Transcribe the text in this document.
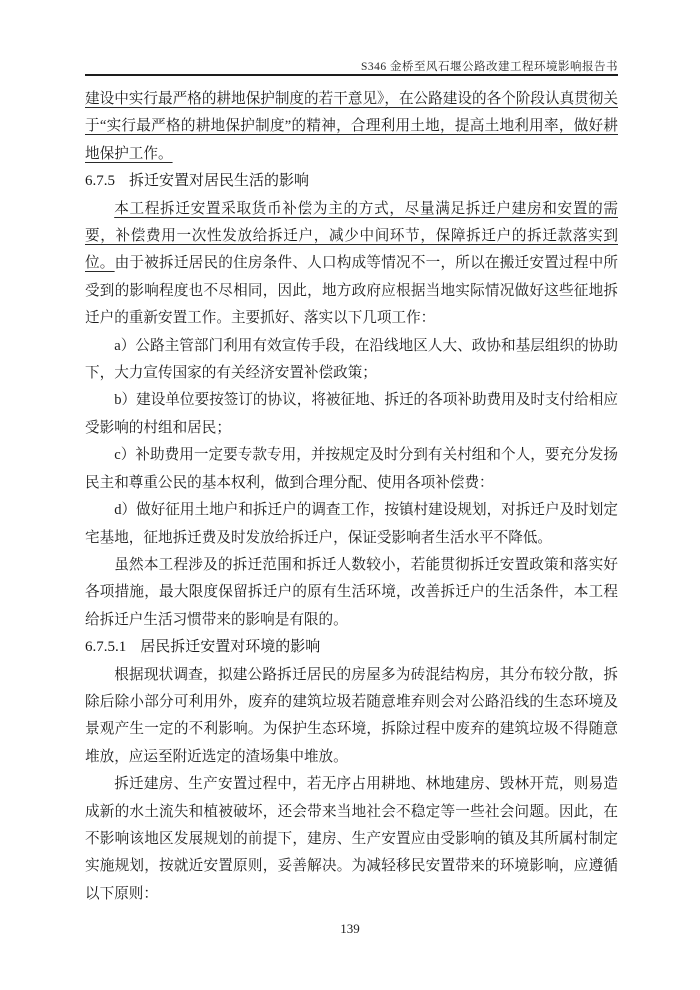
S346 金桥至风石堰公路改建工程环境影响报告书

建设中实行最严格的耕地保护制度的若干意见》，在公路建设的各个阶段认真贯彻关于“实行最严格的耕地保护制度”的精神，合理利用土地，提高土地利用率，做好耕地保护工作。

6.7.5 拆迁安置对居民生活的影响

本工程拆迁安置采取货币补偿为主的方式，尽量满足拆迁户建房和安置的需要，补偿费用一次性发放给拆迁户，减少中间环节，保障拆迁户的拆迁款落实到位。由于被拆迁居民的住房条件、人口构成等情况不一，所以在搬迁安置过程中所受到的影响程度也不尽相同，因此，地方政府应根据当地实际情况做好这些征地拆迁户的重新安置工作。主要抓好、落实以下几项工作：

a）公路主管部门利用有效宣传手段，在沿线地区人大、政协和基层组织的协助下，大力宣传国家的有关经济安置补偿政策；

b）建设单位要按签订的协议，将被征地、拆迁的各项补助费用及时支付给相应受影响的村组和居民；

c）补助费用一定要专款专用，并按规定及时分到有关村组和个人，要充分发扬民主和尊重公民的基本权利，做到合理分配、使用各项补偿费：

d）做好征用土地户和拆迁户的调查工作，按镇村建设规划，对拆迁户及时划定宅基地，征地拆迁费及时发放给拆迁户，保证受影响者生活水平不降低。

虽然本工程涉及的拆迁范围和拆迁人数较小，若能贯彻拆迁安置政策和落实好各项措施，最大限度保留拆迁户的原有生活环境，改善拆迁户的生活条件，本工程给拆迁户生活习惯带来的影响是有限的。

6.7.5.1 居民拆迁安置对环境的影响

根据现状调查，拟建公路拆迁居民的房屋多为砖混结构房，其分布较分散，拆除后除小部分可利用外，废弃的建筑垃圾若随意堆弃则会对公路沿线的生态环境及景观产生一定的不利影响。为保护生态环境，拆除过程中废弃的建筑垃圾不得随意堆放，应运至附近选定的渣场集中堆放。

拆迁建房、生产安置过程中，若无序占用耕地、林地建房、毁林开荒，则易造成新的水土流失和植被破坏，还会带来当地社会不稳定等一些社会问题。因此，在不影响该地区发展规划的前提下，建房、生产安置应由受影响的镇及其所属村制定实施规划，按就近安置原则，妥善解决。为减轻移民安置带来的环境影响，应遵循以下原则：

139
